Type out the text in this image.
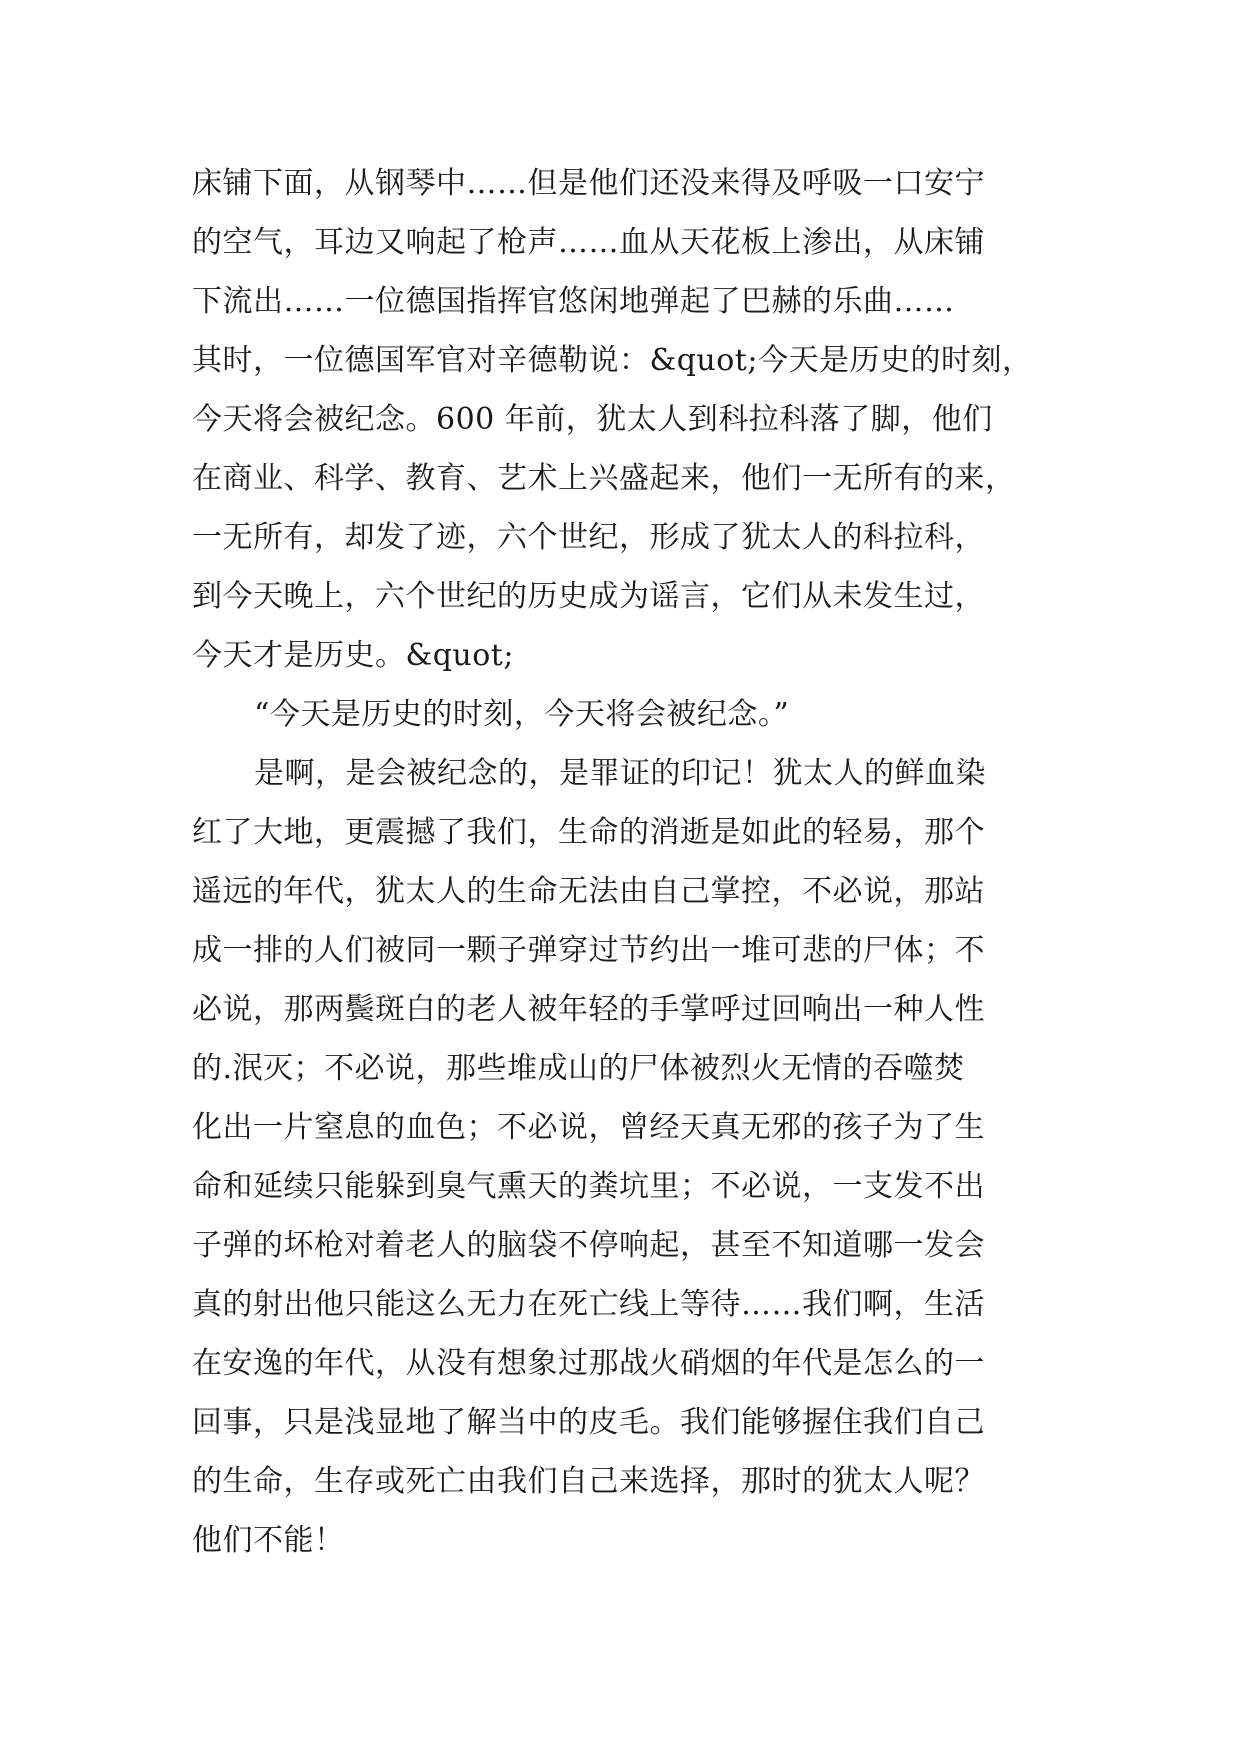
床铺下面，从钢琴中……但是他们还没来得及呼吸一口安宁
的空气，耳边又响起了枪声……血从天花板上渗出，从床铺
下流出……一位德国指挥官悠闲地弹起了巴赫的乐曲……
其时，一位德国军官对辛德勒说：&quot;今天是历史的时刻，
今天将会被纪念。600 年前，犹太人到科拉科落了脚，他们
在商业、科学、教育、艺术上兴盛起来，他们一无所有的来，
一无所有，却发了迹，六个世纪，形成了犹太人的科拉科，
到今天晚上，六个世纪的历史成为谣言，它们从未发生过，
今天才是历史。&quot;
“今天是历史的时刻，今天将会被纪念。”
是啊，是会被纪念的，是罪证的印记！犹太人的鲜血染
红了大地，更震撼了我们，生命的消逝是如此的轻易，那个
遥远的年代，犹太人的生命无法由自己掌控，不必说，那站
成一排的人们被同一颗子弹穿过节约出一堆可悲的尸体；不
必说，那两鬓斑白的老人被年轻的手掌呼过回响出一种人性
的.泯灭；不必说，那些堆成山的尸体被烈火无情的吞噬焚
化出一片窒息的血色；不必说，曾经天真无邪的孩子为了生
命和延续只能躲到臭气熏天的粪坑里；不必说，一支发不出
子弹的坏枪对着老人的脑袋不停响起，甚至不知道哪一发会
真的射出他只能这么无力在死亡线上等待……我们啊，生活
在安逸的年代，从没有想象过那战火硝烟的年代是怎么的一
回事，只是浅显地了解当中的皮毛。我们能够握住我们自己
的生命，生存或死亡由我们自己来选择，那时的犹太人呢？
他们不能！
